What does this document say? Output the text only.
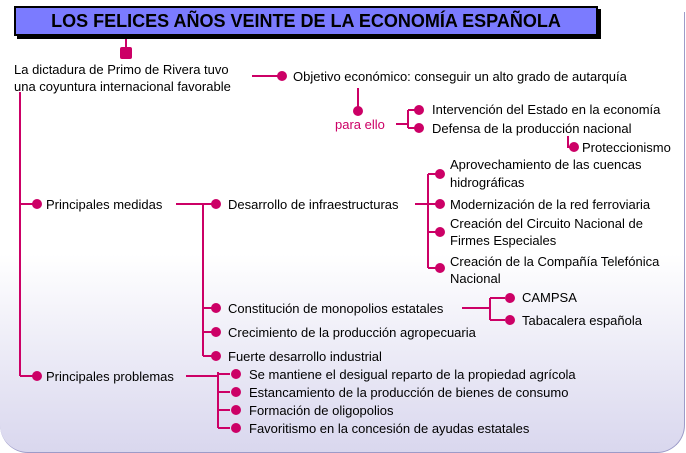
LOS FELICES AÑOS VEINTE DE LA ECONOMÍA ESPAÑOLA
La dictadura de Primo de Rivera tuvo
una coyuntura internacional favorable
Objetivo económico: conseguir un alto grado de autarquía
para ello
Intervención del Estado en la economía
Defensa de la producción nacional
Proteccionismo
Principales medidas	Desarrollo de infraestructuras
Aprovechamiento de las cuencas
hidrográficas
Modernización de la red ferroviaria
Creación del Circuito Nacional de
Firmes Especiales
Creación de la Compañía Telefónica
Nacional
Constitución de monopolios estatales
CAMPSA
Tabacalera española
Crecimiento de la producción agropecuaria
Fuerte desarrollo industrial
Principales problemas	Se mantiene el desigual reparto de la propiedad agrícola
Estancamiento de la producción de bienes de consumo
Formación de oligopolios
Favoritismo en la concesión de ayudas estatales
